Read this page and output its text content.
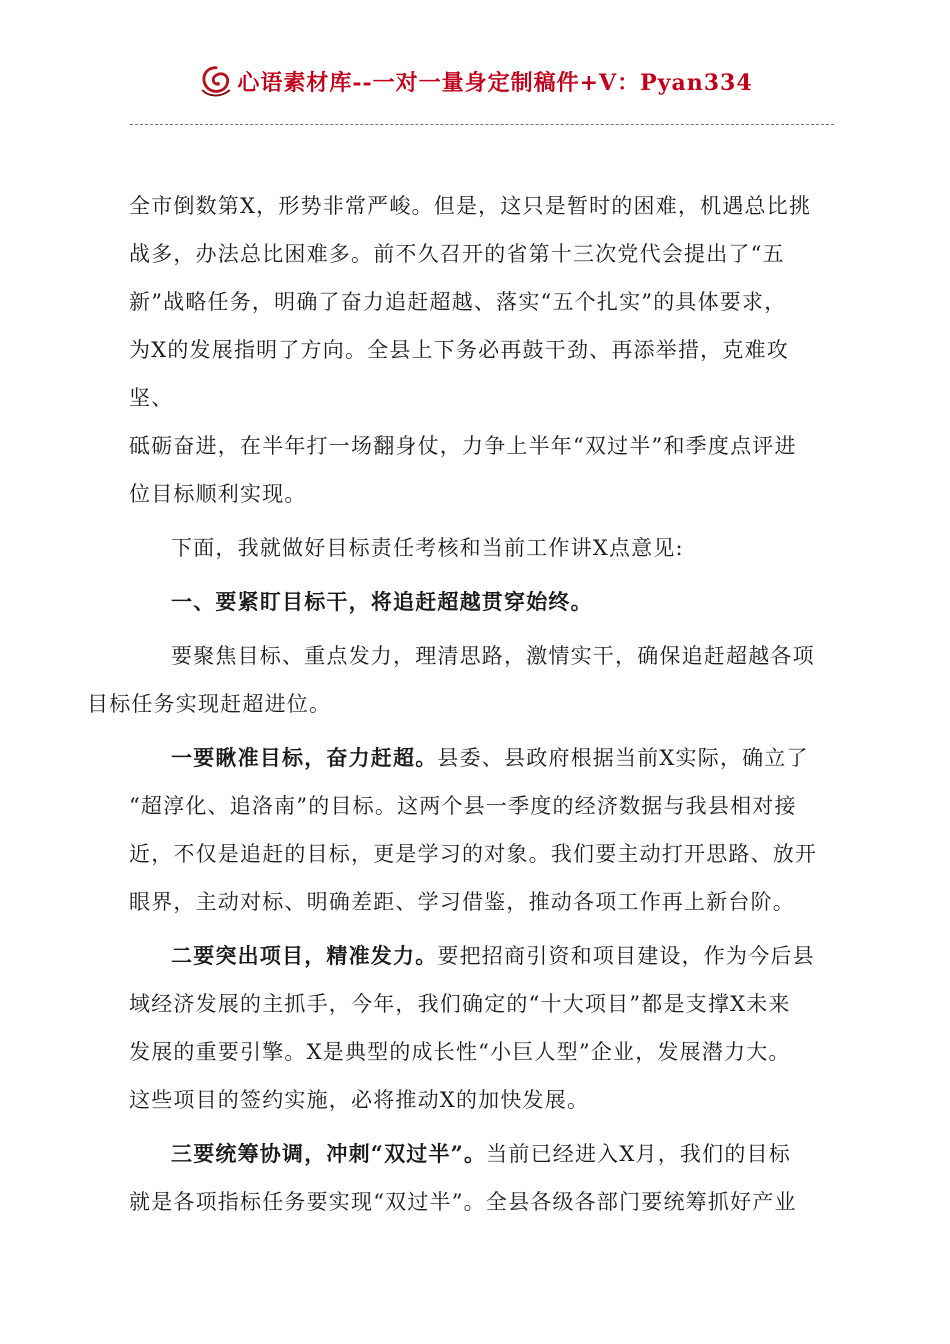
心语素材库--一对一量身定制稿件+V：Pyan334

全市倒数第X，形势非常严峻。但是，这只是暂时的困难，机遇总比挑
战多，办法总比困难多。前不久召开的省第十三次党代会提出了“五
新”战略任务，明确了奋力追赶超越、落实“五个扎实”的具体要求，
为X的发展指明了方向。全县上下务必再鼓干劲、再添举措，克难攻坚、
砥砺奋进，在半年打一场翻身仗，力争上半年“双过半”和季度点评进
位目标顺利实现。

下面，我就做好目标责任考核和当前工作讲X点意见:

一、要紧盯目标干，将追赶超越贯穿始终。

要聚焦目标、重点发力，理清思路，激情实干，确保追赶超越各项
目标任务实现赶超进位。

一要瞅准目标，奋力赶超。县委、县政府根据当前X实际，确立了
“超淳化、追洛南”的目标。这两个县一季度的经济数据与我县相对接
近，不仅是追赶的目标，更是学习的对象。我们要主动打开思路、放开
眼界，主动对标、明确差距、学习借鉴，推动各项工作再上新台阶。

二要突出项目，精准发力。要把招商引资和项目建设，作为今后县
域经济发展的主抓手，今年，我们确定的“十大项目”都是支撑X未来
发展的重要引擎。X是典型的成长性“小巨人型”企业，发展潜力大。
这些项目的签约实施，必将推动X的加快发展。

三要统筹协调，冲刺“双过半”。当前已经进入X月，我们的目标
就是各项指标任务要实现“双过半”。全县各级各部门要统筹抓好产业
